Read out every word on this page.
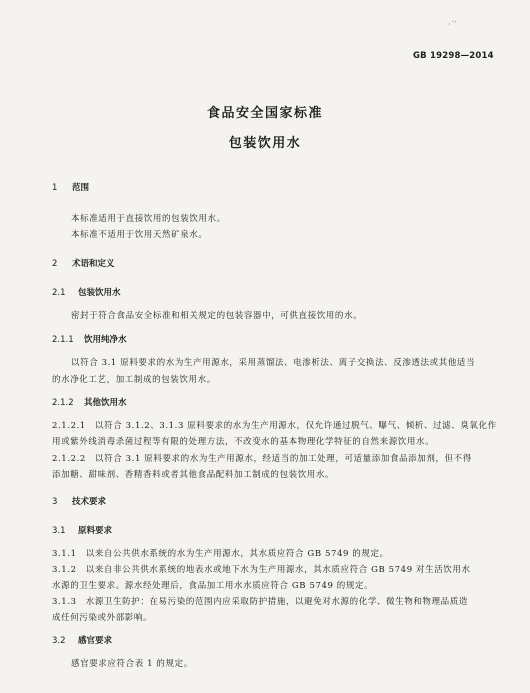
·´′
GB 19298—2014
食品安全国家标准
包装饮用水
1 范围
本标准适用于直接饮用的包装饮用水。
本标准不适用于饮用天然矿泉水。
2 术语和定义
2.1 包装饮用水
密封于符合食品安全标准和相关规定的包装容器中，可供直接饮用的水。
2.1.1 饮用纯净水
以符合 3.1 原料要求的水为生产用源水，采用蒸馏法、电渗析法、离子交换法、反渗透法或其他适当
的水净化工艺，加工制成的包装饮用水。
2.1.2 其他饮用水
2.1.2.1　以符合 3.1.2、3.1.3 原料要求的水为生产用源水，仅允许通过脱气、曝气、倾析、过滤、臭氧化作
用或紫外线消毒杀菌过程等有限的处理方法，不改变水的基本物理化学特征的自然来源饮用水。
2.1.2.2　以符合 3.1 原料要求的水为生产用源水，经适当的加工处理，可适量添加食品添加剂，但不得
添加糖、甜味剂、香精香料或者其他食品配料加工制成的包装饮用水。
3 技术要求
3.1 原料要求
3.1.1　以来自公共供水系统的水为生产用源水，其水质应符合 GB 5749 的规定。
3.1.2　以来自非公共供水系统的地表水或地下水为生产用源水，其水质应符合 GB 5749 对生活饮用水
水源的卫生要求。源水经处理后，食品加工用水水质应符合 GB 5749 的规定。
3.1.3　水源卫生防护：在易污染的范围内应采取防护措施，以避免对水源的化学、微生物和物理品质造
成任何污染或外部影响。
3.2 感官要求
感官要求应符合表 1 的规定。
